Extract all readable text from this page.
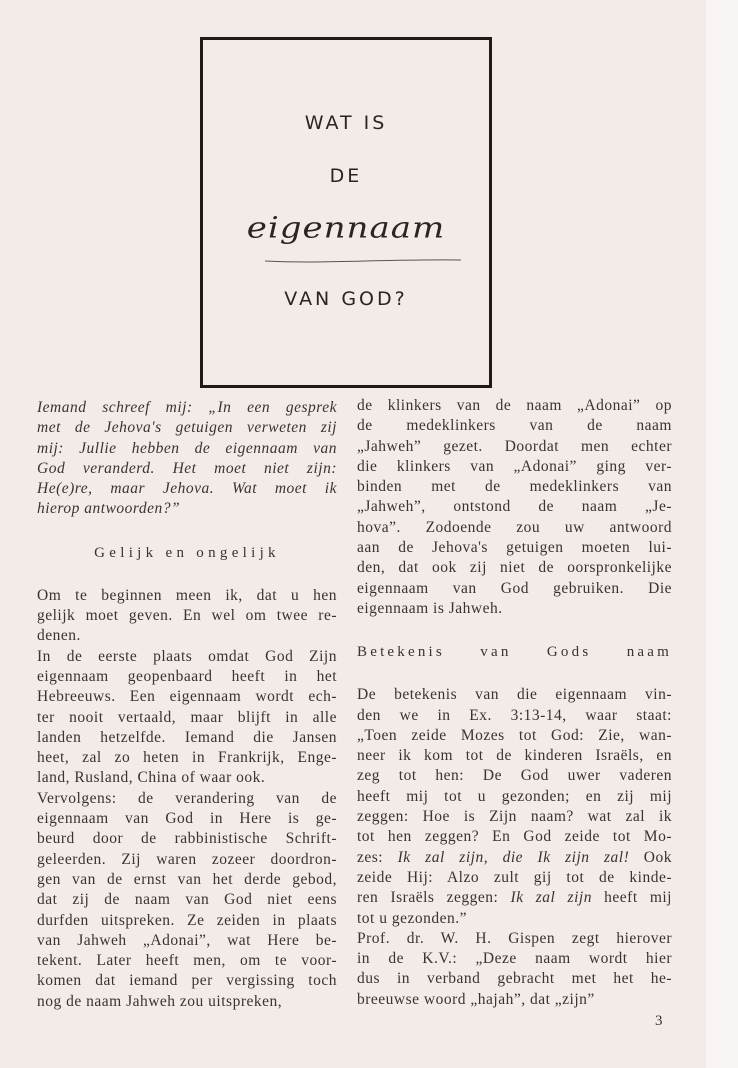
WAT IS
DE
eigennaam
VAN GOD?
Iemand schreef mij: „In een gesprek
met de Jehova's getuigen verweten zij
mij: Jullie hebben de eigennaam van
God veranderd. Het moet niet zijn:
He(e)re, maar Jehova. Wat moet ik
hierop antwoorden?”
Gelijk en ongelijk
Om te beginnen meen ik, dat u hen
gelijk moet geven. En wel om twee re-
denen.
In de eerste plaats omdat God Zijn
eigennaam geopenbaard heeft in het
Hebreeuws. Een eigennaam wordt ech-
ter nooit vertaald, maar blijft in alle
landen hetzelfde. Iemand die Jansen
heet, zal zo heten in Frankrijk, Enge-
land, Rusland, China of waar ook.
Vervolgens: de verandering van de
eigennaam van God in Here is ge-
beurd door de rabbinistische Schrift-
geleerden. Zij waren zozeer doordron-
gen van de ernst van het derde gebod,
dat zij de naam van God niet eens
durfden uitspreken. Ze zeiden in plaats
van Jahweh „Adonai”, wat Here be-
tekent. Later heeft men, om te voor-
komen dat iemand per vergissing toch
nog de naam Jahweh zou uitspreken,
de klinkers van de naam „Adonai” op
de medeklinkers van de naam
„Jahweh” gezet. Doordat men echter
die klinkers van „Adonai” ging ver-
binden met de medeklinkers van
„Jahweh”, ontstond de naam „Je-
hova”. Zodoende zou uw antwoord
aan de Jehova's getuigen moeten lui-
den, dat ook zij niet de oorspronkelijke
eigennaam van God gebruiken. Die
eigennaam is Jahweh.
Betekenis van Gods naam
De betekenis van die eigennaam vin-
den we in Ex. 3:13-14, waar staat:
„Toen zeide Mozes tot God: Zie, wan-
neer ik kom tot de kinderen Israëls, en
zeg tot hen: De God uwer vaderen
heeft mij tot u gezonden; en zij mij
zeggen: Hoe is Zijn naam? wat zal ik
tot hen zeggen? En God zeide tot Mo-
zes: Ik zal zijn, die Ik zijn zal! Ook
zeide Hij: Alzo zult gij tot de kinde-
ren Israëls zeggen: Ik zal zijn heeft mij
tot u gezonden.”
Prof. dr. W. H. Gispen zegt hierover
in de K.V.: „Deze naam wordt hier
dus in verband gebracht met het he-
breeuwse woord „hajah”, dat „zijn”
3
